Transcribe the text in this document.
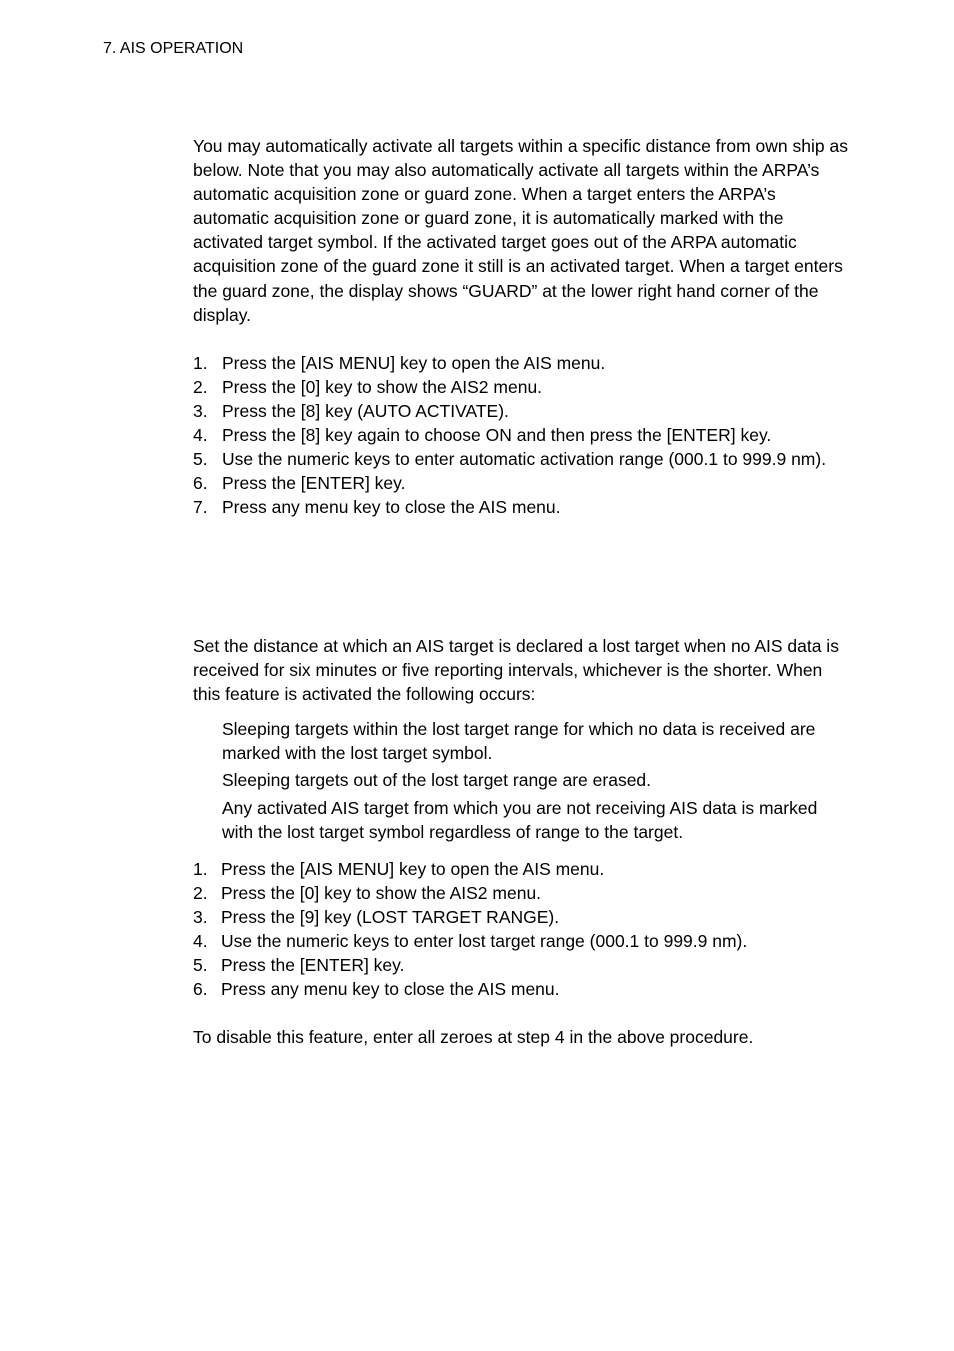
7. AIS OPERATION

You may automatically activate all targets within a specific distance from own ship as below. Note that you may also automatically activate all targets within the ARPA’s automatic acquisition zone or guard zone. When a target enters the ARPA’s automatic acquisition zone or guard zone, it is automatically marked with the activated target symbol. If the activated target goes out of the ARPA automatic acquisition zone of the guard zone it still is an activated target. When a target enters the guard zone, the display shows “GUARD” at the lower right hand corner of the display.

1. Press the [AIS MENU] key to open the AIS menu.
2. Press the [0] key to show the AIS2 menu.
3. Press the [8] key (AUTO ACTIVATE).
4. Press the [8] key again to choose ON and then press the [ENTER] key.
5. Use the numeric keys to enter automatic activation range (000.1 to 999.9 nm).
6. Press the [ENTER] key.
7. Press any menu key to close the AIS menu.

Set the distance at which an AIS target is declared a lost target when no AIS data is received for six minutes or five reporting intervals, whichever is the shorter. When this feature is activated the following occurs:

Sleeping targets within the lost target range for which no data is received are marked with the lost target symbol.
Sleeping targets out of the lost target range are erased.
Any activated AIS target from which you are not receiving AIS data is marked with the lost target symbol regardless of range to the target.
1. Press the [AIS MENU] key to open the AIS menu.
2. Press the [0] key to show the AIS2 menu.
3. Press the [9] key (LOST TARGET RANGE).
4. Use the numeric keys to enter lost target range (000.1 to 999.9 nm).
5. Press the [ENTER] key.
6. Press any menu key to close the AIS menu.

To disable this feature, enter all zeroes at step 4 in the above procedure.
